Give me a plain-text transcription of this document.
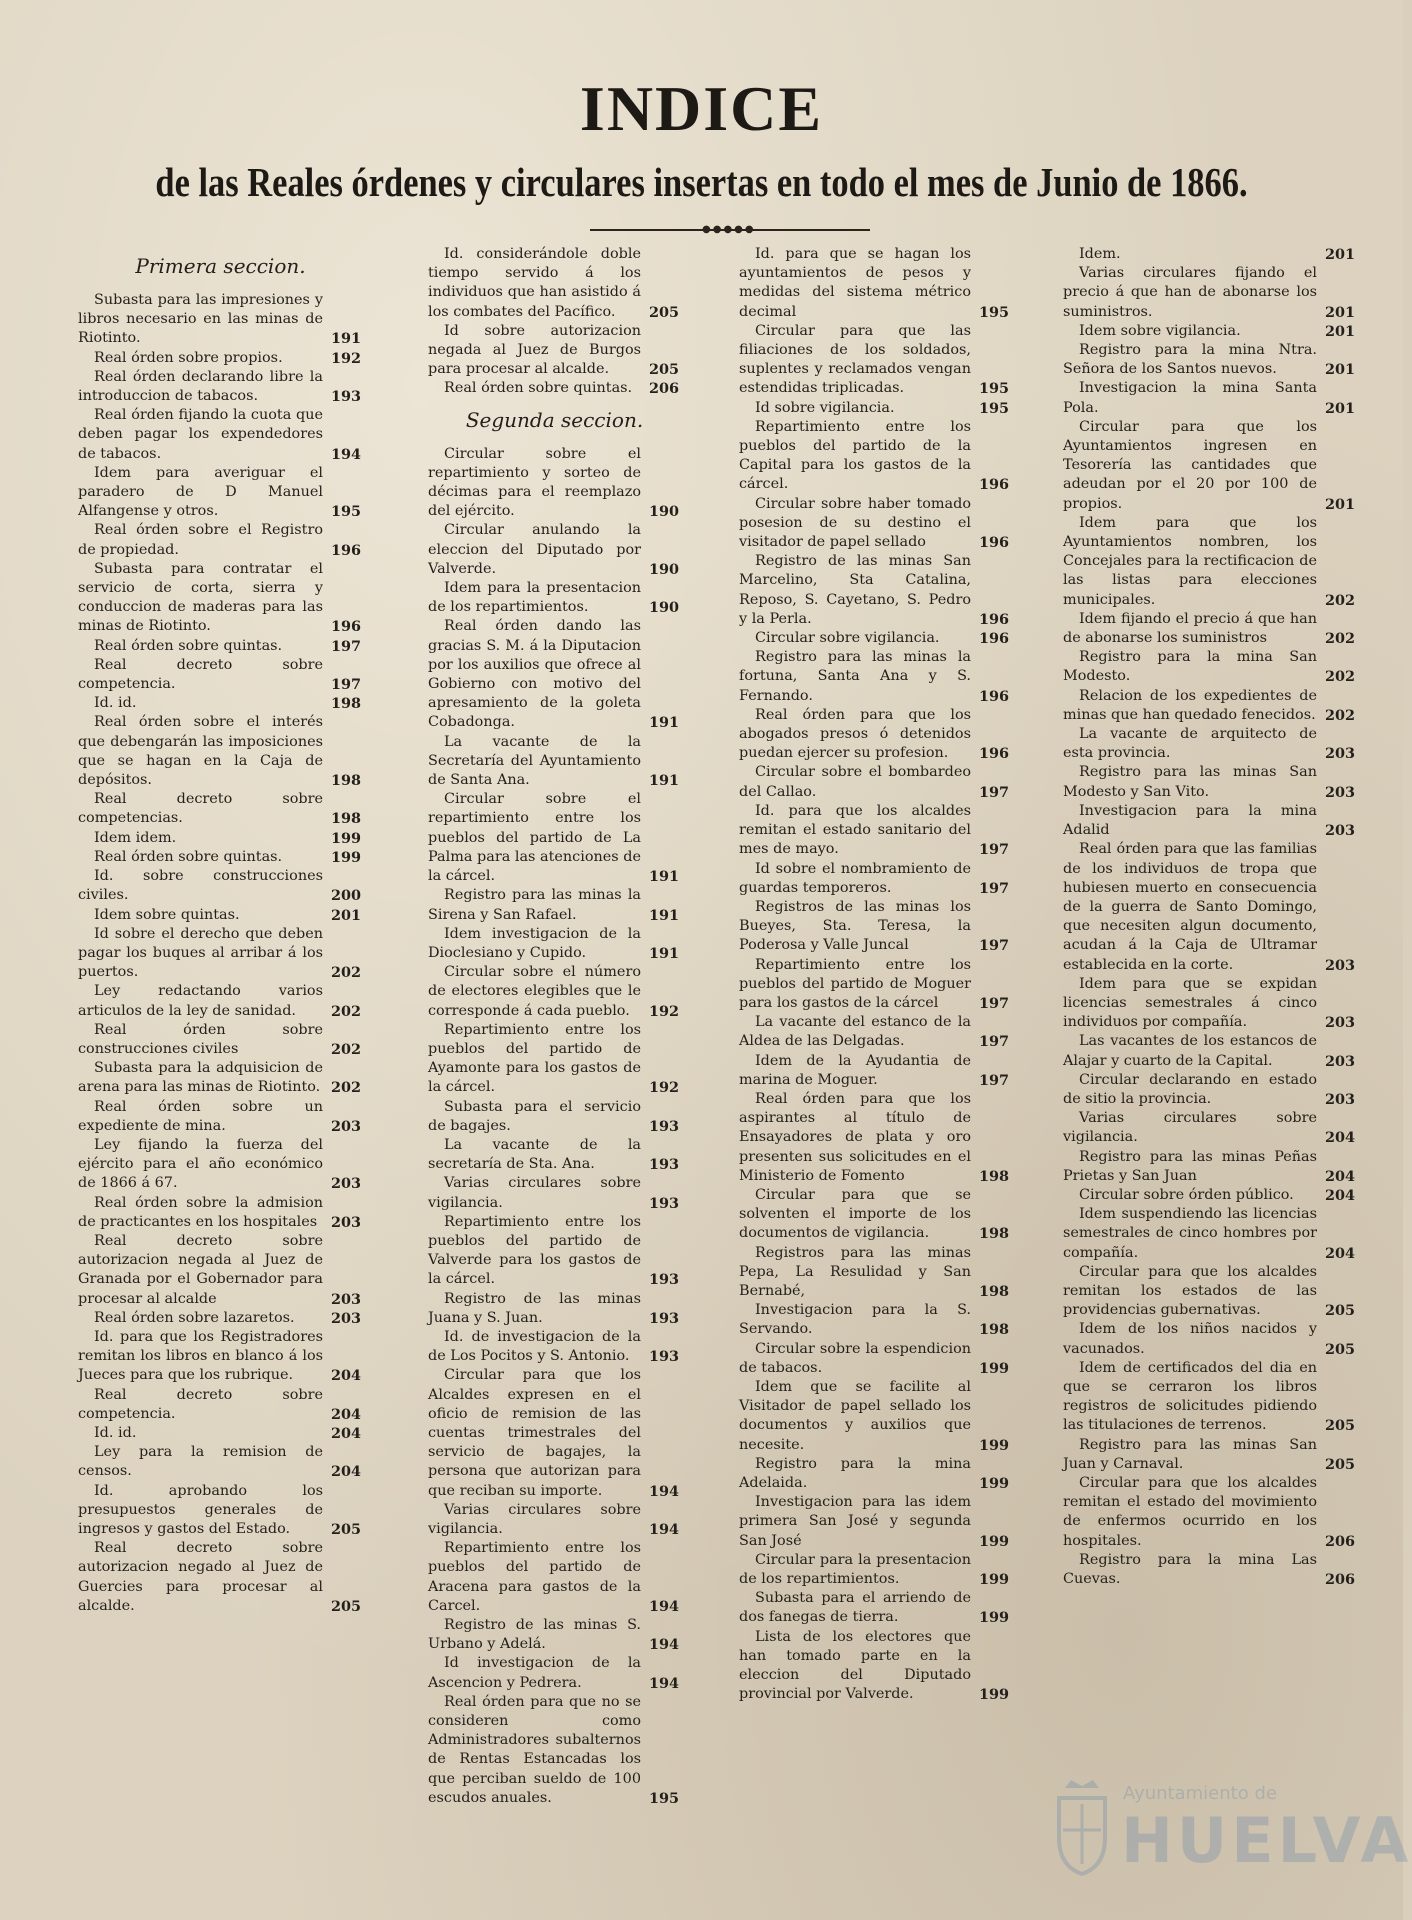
INDICE
de las Reales órdenes y circulares insertas en todo el mes de Junio de 1866.
●●●●●
Primera seccion.
Subasta para las impresiones y libros necesario en las minas de Riotinto.	191
Real órden sobre propios.	192
Real órden declarando libre la introduccion de tabacos.	193
Real órden fijando la cuota que deben pagar los expendedores de tabacos.	194
Idem para averiguar el paradero de D Manuel Alfangense y otros.	195
Real órden sobre el Registro de propiedad.	196
Subasta para contratar el servicio de corta, sierra y conduccion de maderas para las minas de Riotinto.	196
Real órden sobre quintas.	197
Real decreto sobre competencia.	197
Id. id.	198
Real órden sobre el interés que debengarán las imposiciones que se hagan en la Caja de depósitos.	198
Real decreto sobre competencias.	198
Idem idem.	199
Real órden sobre quintas.	199
Id. sobre construcciones civiles.	200
Idem sobre quintas.	201
Id sobre el derecho que deben pagar los buques al arribar á los puertos.	202
Ley redactando varios articulos de la ley de sanidad. 202
Real órden sobre construcciones civiles	202
Subasta para la adquisicion de arena para las minas de Riotinto. 202
Real órden sobre un expediente de mina.	203
Ley fijando la fuerza del ejército para el año económico de 1866 á 67.	203
Real órden sobre la admision de practicantes en los hospitales 203
Real decreto sobre autorizacion negada al Juez de Granada por el Gobernador para procesar al alcalde	203
Real órden sobre lazaretos.	203
Id. para que los Registradores remitan los libros en blanco á los Jueces para que los rubrique.	204
Real decreto sobre competencia.	204
Id. id.	204
Ley para la remision de censos.	204
Id. aprobando los presupuestos generales de ingresos y gastos del Estado.	205
Real decreto sobre autorizacion negado al Juez de Guercies para procesar al alcalde.	205
Id. considerándole doble tiempo servido á los individuos que han asistido á los combates del Pacífico. 205
Id sobre autorizacion negada al Juez de Burgos para procesar al alcalde.	205
Real órden sobre quintas. 206
Segunda seccion.
Circular sobre el repartimiento y sorteo de décimas para el reemplazo del ejército.	190
Circular anulando la eleccion del Diputado por Valverde.	190
Idem para la presentacion de los repartimientos.	190
Real órden dando las gracias S. M. á la Diputacion por los auxilios que ofrece al Gobierno con motivo del apresamiento de la goleta Cobadonga.	191
La vacante de la Secretaría del Ayuntamiento de Santa Ana.	191
Circular sobre el repartimiento entre los pueblos del partido de La Palma para las atenciones de la cárcel.	191
Registro para las minas la Sirena y San Rafael.	191
Idem investigacion de la Dioclesiano y Cupido.	191
Circular sobre el número de electores elegibles que le corresponde á cada pueblo. 192
Repartimiento entre los pueblos del partido de Ayamonte para los gastos de la cárcel.	192
Subasta para el servicio de bagajes.	193
La vacante de la secretaría de Sta. Ana.	193
Varias circulares sobre vigilancia.	193
Repartimiento entre los pueblos del partido de Valverde para los gastos de la cárcel.	193
Registro de las minas Juana y S. Juan.	193
Id. de investigacion de la de Los Pocitos y S. Antonio. 193
Circular para que los Alcaldes expresen en el oficio de remision de las cuentas trimestrales del servicio de bagajes, la persona que autorizan para que reciban su importe.	194
Varias circulares sobre vigilancia.	194
Repartimiento entre los pueblos del partido de Aracena para gastos de la Carcel.	194
Registro de las minas S. Urbano y Adelá.	194
Id investigacion de la Ascencion y Pedrera.	194
Real órden para que no se consideren como Administradores subalternos de Rentas Estancadas los que perciban sueldo de 100 escudos anuales.	195
Id. para que se hagan los ayuntamientos de pesos y medidas del sistema métrico decimal	195
Circular para que las filiaciones de los soldados, suplentes y reclamados vengan estendidas triplicadas.	195
Id sobre vigilancia.	195
Repartimiento entre los pueblos del partido de la Capital para los gastos de la cárcel.	196
Circular sobre haber tomado posesion de su destino el visitador de papel sellado	196
Registro de las minas San Marcelino, Sta Catalina, Reposo, S. Cayetano, S. Pedro y la Perla.	196
Circular sobre vigilancia.	196
Registro para las minas la fortuna, Santa Ana y S. Fernando.	196
Real órden para que los abogados presos ó detenidos puedan ejercer su profesion. 196
Circular sobre el bombardeo del Callao.	197
Id. para que los alcaldes remitan el estado sanitario del mes de mayo.	197
Id sobre el nombramiento de guardas temporeros.	197
Registros de las minas los Bueyes, Sta. Teresa, la Poderosa y Valle Juncal	197
Repartimiento entre los pueblos del partido de Moguer para los gastos de la cárcel	197
La vacante del estanco de la Aldea de las Delgadas.	197
Idem de la Ayudantia de marina de Moguer.	197
Real órden para que los aspirantes al título de Ensayadores de plata y oro presenten sus solicitudes en el Ministerio de Fomento	198
Circular para que se solventen el importe de los documentos de vigilancia.	198
Registros para las minas Pepa, La Resulidad y San Bernabé,	198
Investigacion para la S. Servando.	198
Circular sobre la espendicion de tabacos.	199
Idem que se facilite al Visitador de papel sellado los documentos y auxilios que necesite.	199
Registro para la mina Adelaida.	199
Investigacion para las idem primera San José y segunda San José	199
Circular para la presentacion de los repartimientos.	199
Subasta para el arriendo de dos fanegas de tierra.	199
Lista de los electores que han tomado parte en la eleccion del Diputado provincial por Valverde.	199
Idem.	201
Varias circulares fijando el precio á que han de abonarse los suministros.	201
Idem sobre vigilancia.	201
Registro para la mina Ntra. Señora de los Santos nuevos.	201
Investigacion la mina Santa Pola.	201
Circular para que los Ayuntamientos ingresen en Tesorería las cantidades que adeudan por el 20 por 100 de propios.	201
Idem para que los Ayuntamientos nombren, los Concejales para la rectificacion de las listas para elecciones municipales.	202
Idem fijando el precio á que han de abonarse los suministros	202
Registro para la mina San Modesto.	202
Relacion de los expedientes de minas que han quedado fenecidos. 202
La vacante de arquitecto de esta provincia.	203
Registro para las minas San Modesto y San Vito.	203
Investigacion para la mina Adalid	203
Real órden para que las familias de los individuos de tropa que hubiesen muerto en consecuencia de la guerra de Santo Domingo, que necesiten algun documento, acudan á la Caja de Ultramar establecida en la corte.	203
Idem para que se expidan licencias semestrales á cinco individuos por compañía.	203
Las vacantes de los estancos de Alajar y cuarto de la Capital.	203
Circular declarando en estado de sitio la provincia.	203
Varias circulares sobre vigilancia.	204
Registro para las minas Peñas Prietas y San Juan	204
Circular sobre órden público. 204
Idem suspendiendo las licencias semestrales de cinco hombres por compañía.	204
Circular para que los alcaldes remitan los estados de las providencias gubernativas.	205
Idem de los niños nacidos y vacunados.	205
Idem de certificados del dia en que se cerraron los libros registros de solicitudes pidiendo las titulaciones de terrenos.	205
Registro para las minas San Juan y Carnaval.	205
Circular para que los alcaldes remitan el estado del movimiento de enfermos ocurrido en los hospitales.	206
Registro para la mina Las Cuevas.	206
Ayuntamiento de
HUELVA
